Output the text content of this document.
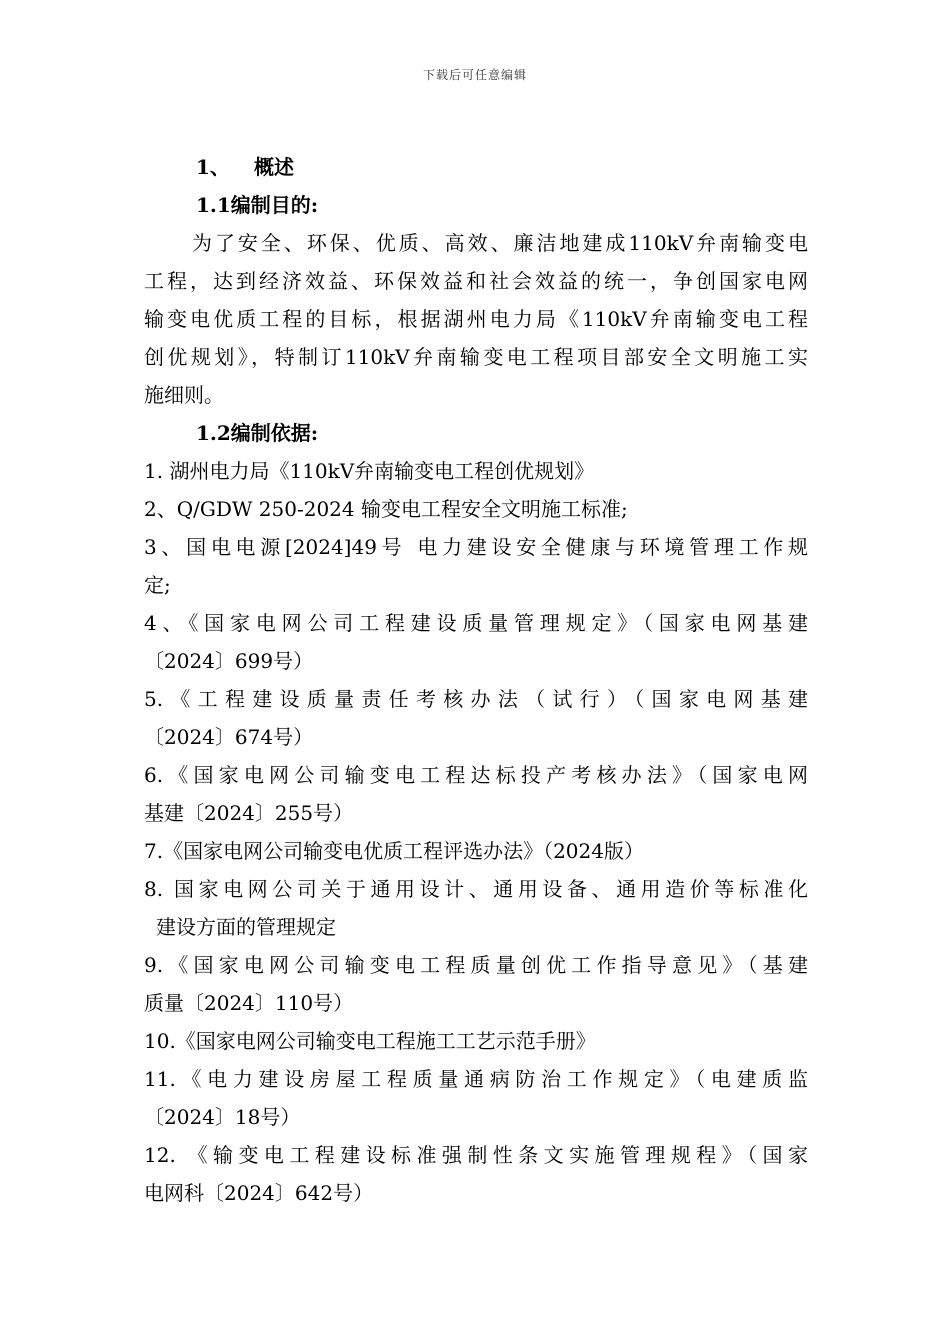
下载后可任意编辑
1、 概述
1.1编制目的:
为了安全、环保、优质、高效、廉洁地建成110kV弁南输变电
工程，达到经济效益、环保效益和社会效益的统一，争创国家电网
输变电优质工程的目标，根据湖州电力局《110kV弁南输变电工程
创优规划》，特制订110kV弁南输变电工程项目部安全文明施工实
施细则。
1.2编制依据:
1. 湖州电力局《110kV弁南输变电工程创优规划》
2、Q/GDW 250-2024 输变电工程安全文明施工标准;
3、国电电源[2024]49号 电力建设安全健康与环境管理工作规
定;
4、《国家电网公司工程建设质量管理规定》（国家电网基建
〔2024〕699号）
5.《工程建设质量责任考核办法（试行）（国家电网基建
〔2024〕674号）
6.《国家电网公司输变电工程达标投产考核办法》（国家电网
基建〔2024〕255号）
7.《国家电网公司输变电优质工程评选办法》（2024版）
8. 国家电网公司关于通用设计、通用设备、通用造价等标准化
建设方面的管理规定
9.《国家电网公司输变电工程质量创优工作指导意见》（基建
质量〔2024〕110号）
10.《国家电网公司输变电工程施工工艺示范手册》
11.《电力建设房屋工程质量通病防治工作规定》（电建质监
〔2024〕18号）
12. 《输变电工程建设标准强制性条文实施管理规程》（国家
电网科〔2024〕642号）
